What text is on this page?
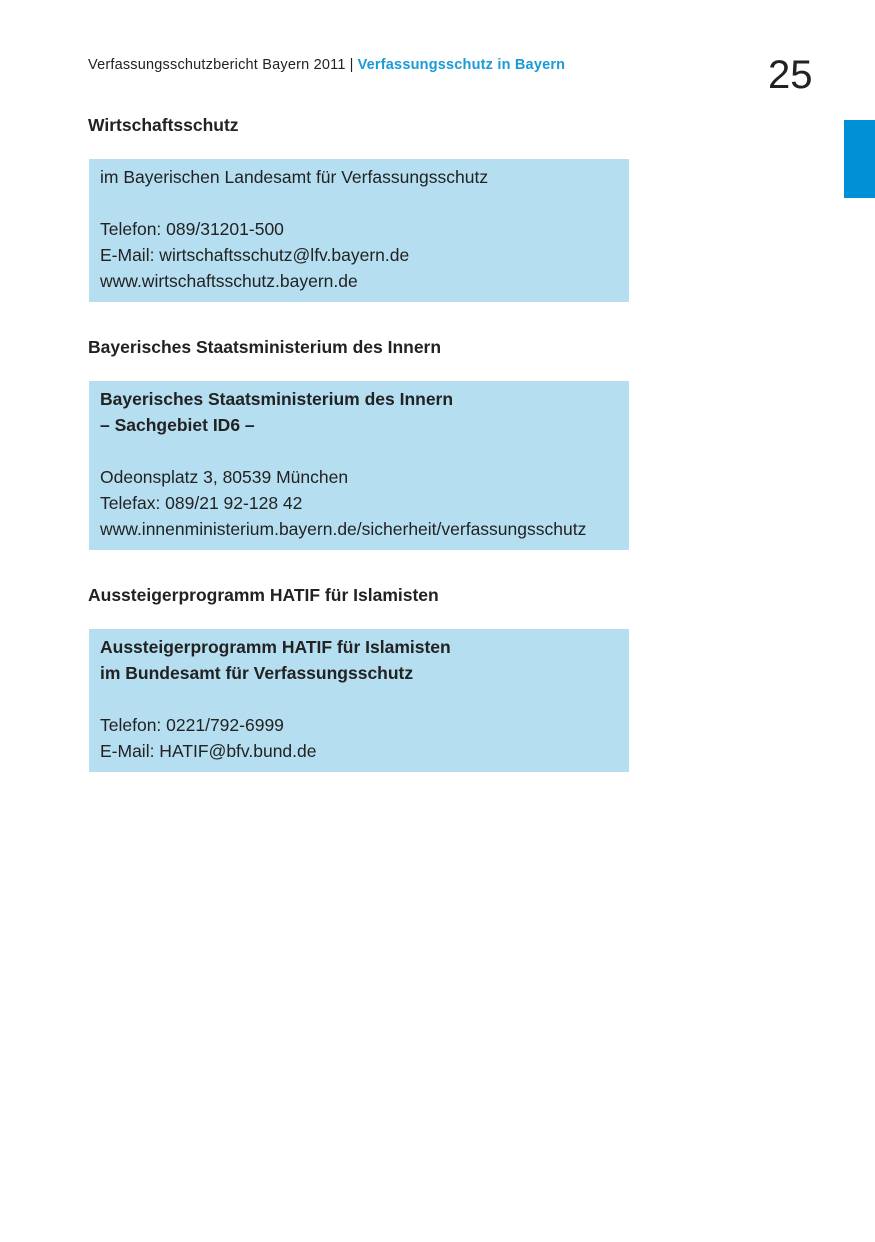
Verfassungsschutzbericht Bayern 2011 | Verfassungsschutz in Bayern	25
Wirtschaftsschutz
im Bayerischen Landesamt für Verfassungsschutz
Telefon: 089/31201-500
E-Mail: wirtschaftsschutz@lfv.bayern.de
www.wirtschaftsschutz.bayern.de
Bayerisches Staatsministerium des Innern
Bayerisches Staatsministerium des Innern
– Sachgebiet ID6 –
Odeonsplatz 3, 80539 München
Telefax: 089/21 92-128 42
www.innenministerium.bayern.de/sicherheit/verfassungsschutz
Aussteigerprogramm HATIF für Islamisten
Aussteigerprogramm HATIF für Islamisten
im Bundesamt für Verfassungsschutz
Telefon: 0221/792-6999
E-Mail: HATIF@bfv.bund.de
